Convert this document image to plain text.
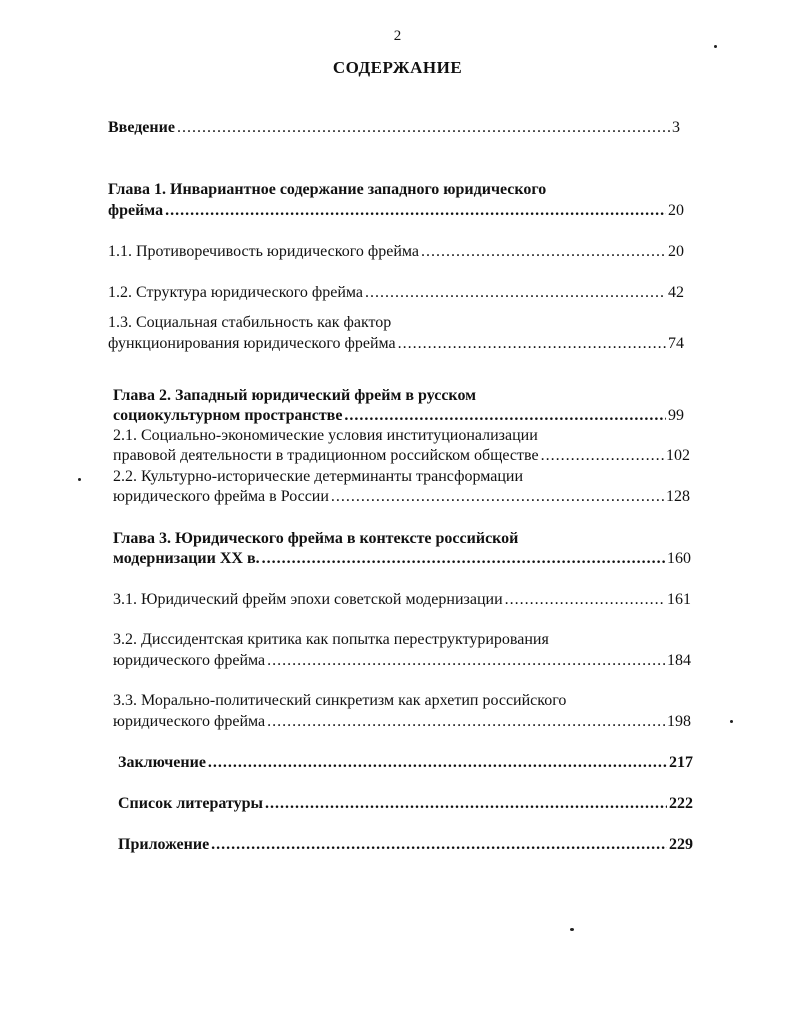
2
СОДЕРЖАНИЕ
Введение .....	3
Глава 1. Инвариантное содержание западного юридического
фрейма .....	20
1.1. Противоречивость юридического фрейма .....	20
1.2. Структура юридического фрейма .....	42
1.3. Социальная стабильность как фактор
функционирования юридического фрейма .....	74
Глава 2. Западный юридический фрейм в русском
социокультурном пространстве .....	99
2.1. Социально-экономические условия институционализации
правовой деятельности в традиционном российском обществе .....	102
2.2. Культурно-исторические детерминанты трансформации
юридического фрейма в России .....	128
Глава 3. Юридического фрейма в контексте российской
модернизации XX в. .....	160
3.1. Юридический фрейм эпохи советской модернизации .....	161
3.2. Диссидентская критика как попытка переструктурирования
юридического фрейма .....	184
3.3. Морально-политический синкретизм как архетип российского
юридического фрейма .....	198
Заключение .....	217
Список литературы .....	222
Приложение .....	229
